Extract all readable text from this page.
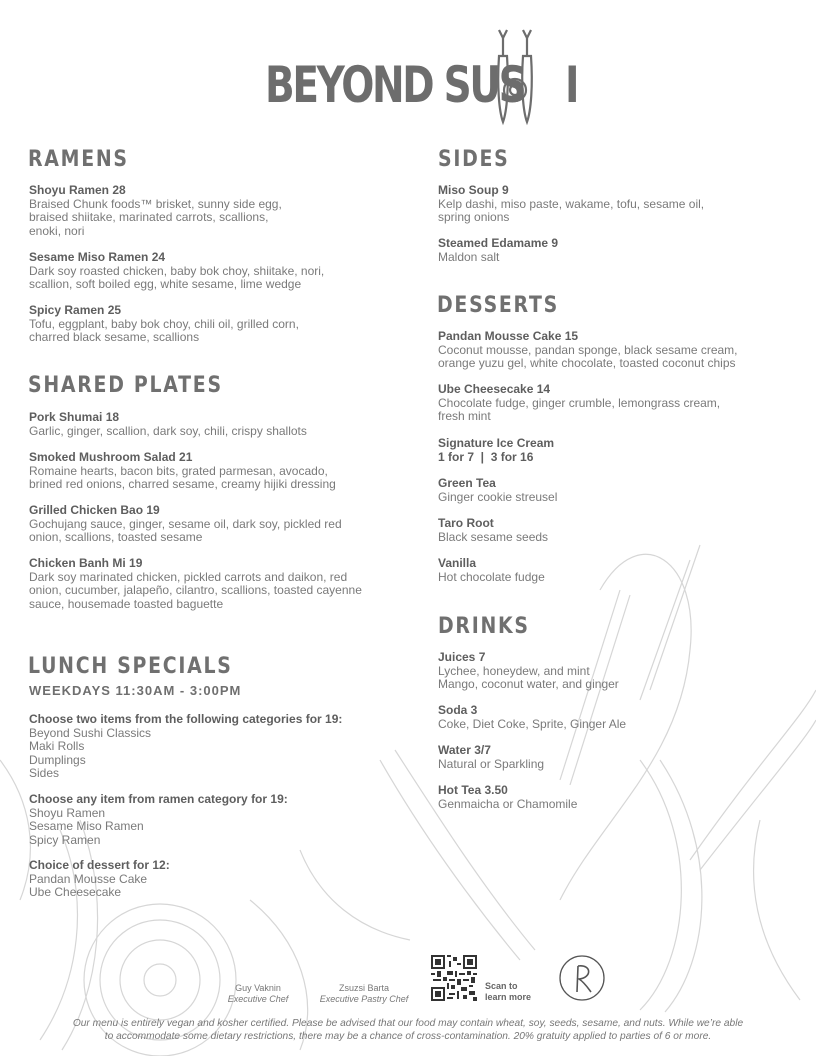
BEYOND SUS I
RAMENS
Shoyu Ramen 28
Braised Chunk foods™ brisket, sunny side egg,
braised shiitake, marinated carrots, scallions,
enoki, nori
Sesame Miso Ramen 24
Dark soy roasted chicken, baby bok choy, shiitake, nori,
scallion, soft boiled egg, white sesame, lime wedge
Spicy Ramen 25
Tofu, eggplant, baby bok choy, chili oil, grilled corn,
charred black sesame, scallions
SHARED PLATES
Pork Shumai 18
Garlic, ginger, scallion, dark soy, chili, crispy shallots
Smoked Mushroom Salad 21
Romaine hearts, bacon bits, grated parmesan, avocado,
brined red onions, charred sesame, creamy hijiki dressing
Grilled Chicken Bao 19
Gochujang sauce, ginger, sesame oil, dark soy, pickled red
onion, scallions, toasted sesame
Chicken Banh Mi 19
Dark soy marinated chicken, pickled carrots and daikon, red
onion, cucumber, jalapeño, cilantro, scallions, toasted cayenne
sauce, housemade toasted baguette
LUNCH SPECIALS
WEEKDAYS 11:30AM - 3:00PM
Choose two items from the following categories for 19:
Beyond Sushi Classics
Maki Rolls
Dumplings
Sides
Choose any item from ramen category for 19:
Shoyu Ramen
Sesame Miso Ramen
Spicy Ramen
Choice of dessert for 12:
Pandan Mousse Cake
Ube Cheesecake
SIDES
Miso Soup 9
Kelp dashi, miso paste, wakame, tofu, sesame oil,
spring onions
Steamed Edamame 9
Maldon salt
DESSERTS
Pandan Mousse Cake 15
Coconut mousse, pandan sponge, black sesame cream,
orange yuzu gel, white chocolate, toasted coconut chips
Ube Cheesecake 14
Chocolate fudge, ginger crumble, lemongrass cream,
fresh mint
Signature Ice Cream
1 for 7  |  3 for 16
Green Tea
Ginger cookie streusel
Taro Root
Black sesame seeds
Vanilla
Hot chocolate fudge
DRINKS
Juices 7
Lychee, honeydew, and mint
Mango, coconut water, and ginger
Soda 3
Coke, Diet Coke, Sprite, Ginger Ale
Water 3/7
Natural or Sparkling
Hot Tea 3.50
Genmaicha or Chamomile
Guy Vaknin
Executive Chef
Zsuzsi Barta
Executive Pastry Chef
Scan to
learn more
Our menu is entirely vegan and kosher certified. Please be advised that our food may contain wheat, soy, seeds, sesame, and nuts. While we’re able
to accommodate some dietary restrictions, there may be a chance of cross-contamination. 20% gratuity applied to parties of 6 or more.
